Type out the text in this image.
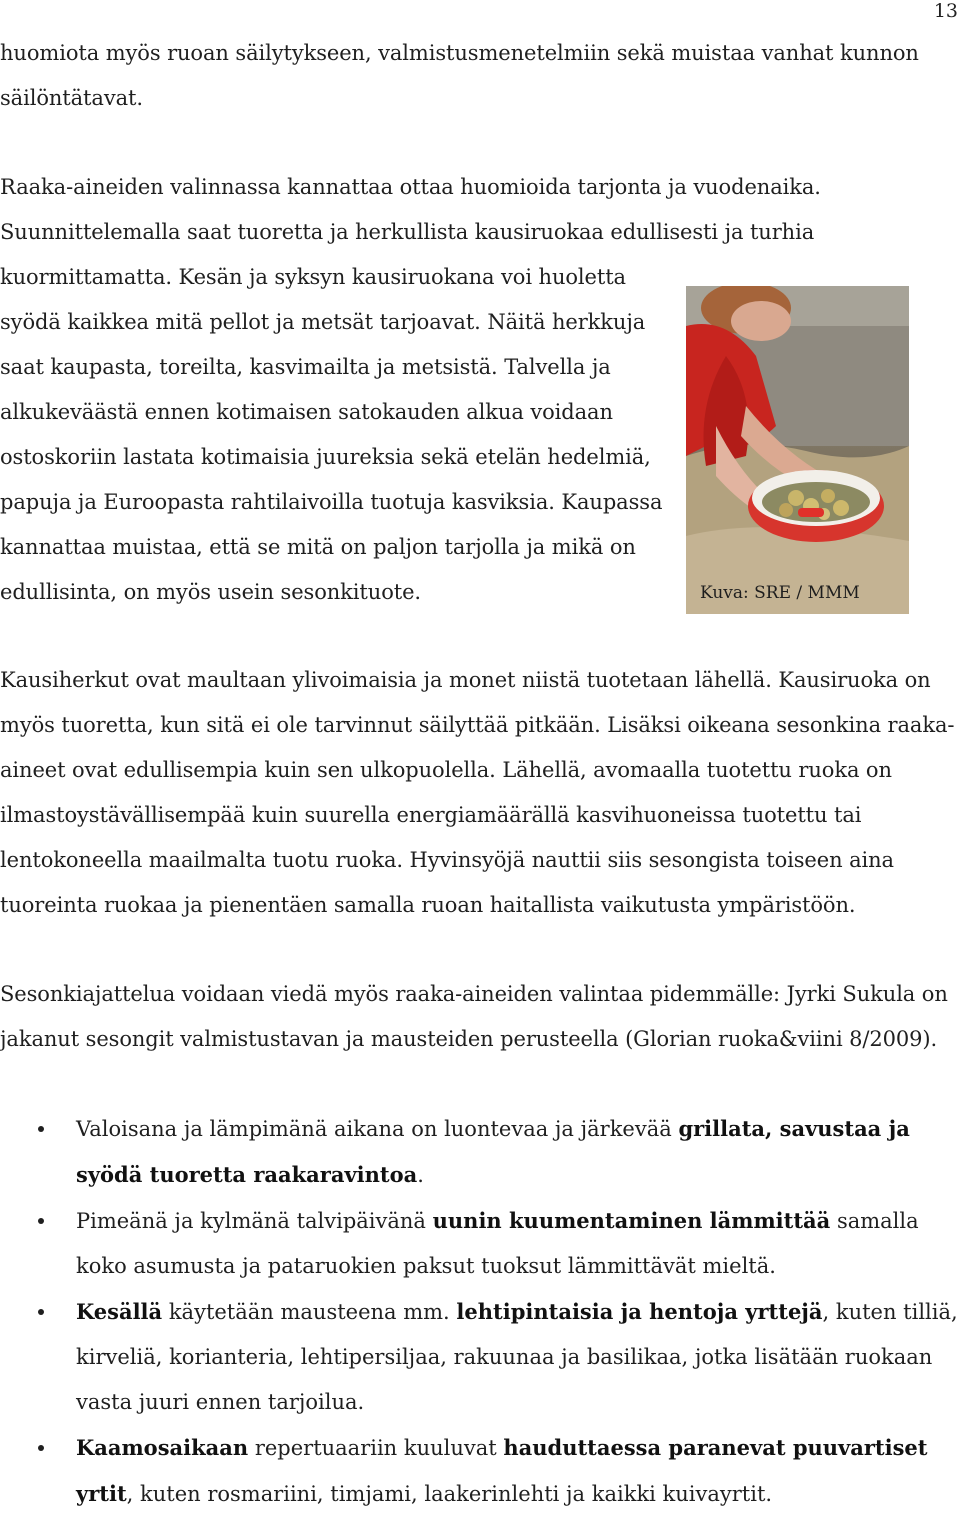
13

huomiota myös ruoan säilytykseen, valmistusmenetelmiin sekä muistaa vanhat kunnon säilöntätavat.

Raaka-aineiden valinnassa kannattaa ottaa huomioida tarjonta ja vuodenaika.
Suunnittelemalla saat tuoretta ja herkullista kausiruokaa edullisesti ja turhia
kuormittamatta. Kesän ja syksyn kausiruokana voi huoletta syödä kaikkea mitä pellot ja metsät tarjoavat. Näitä herkkuja saat kaupasta, toreilta, kasvimailta ja metsistä. Talvella ja alkukeväästä ennen kotimaisen satokauden alkua voidaan ostoskoriin lastata kotimaisia juureksia sekä etelän hedelmiä, papuja ja Euroopasta rahtilaivoilla tuotuja kasviksia. Kaupassa kannattaa muistaa, että se mitä on paljon tarjolla ja mikä on edullisinta, on myös usein sesonkituote.	Kuva: SRE / MMM

Kausiherkut ovat maultaan ylivoimaisia ja monet niistä tuotetaan lähellä. Kausiruoka on myös tuoretta, kun sitä ei ole tarvinnut säilyttää pitkään. Lisäksi oikeana sesonkina raaka-aineet ovat edullisempia kuin sen ulkopuolella. Lähellä, avomaalla tuotettu ruoka on ilmastoystävällisempää kuin suurella energiamäärällä kasvihuoneissa tuotettu tai lentokoneella maailmalta tuotu ruoka. Hyvinsyöjä nauttii siis sesongista toiseen aina tuoreinta ruokaa ja pienentäen samalla ruoan haitallista vaikutusta ympäristöön.

Sesonkiajattelua voidaan viedä myös raaka-aineiden valintaa pidemmälle: Jyrki Sukula on jakanut sesongit valmistustavan ja mausteiden perusteella (Glorian ruoka&viini 8/2009).

Valoisana ja lämpimänä aikana on luontevaa ja järkevää grillata, savustaa ja syödä tuoretta raakaravintoa.
Pimeänä ja kylmänä talvipäivänä uunin kuumentaminen lämmittää samalla koko asumusta ja pataruokien paksut tuoksut lämmittävät mieltä.
Kesällä käytetään mausteena mm. lehtipintaisia ja hentoja yrttejä, kuten tilliä, kirveliä, korianteria, lehtipersiljaa, rakuunaa ja basilikaa, jotka lisätään ruokaan vasta juuri ennen tarjoilua.
Kaamosaikaan repertuaariin kuuluvat hauduttaessa paranevat puuvartiset yrtit, kuten rosmariini, timjami, laakerinlehti ja kaikki kuivayrtit.
